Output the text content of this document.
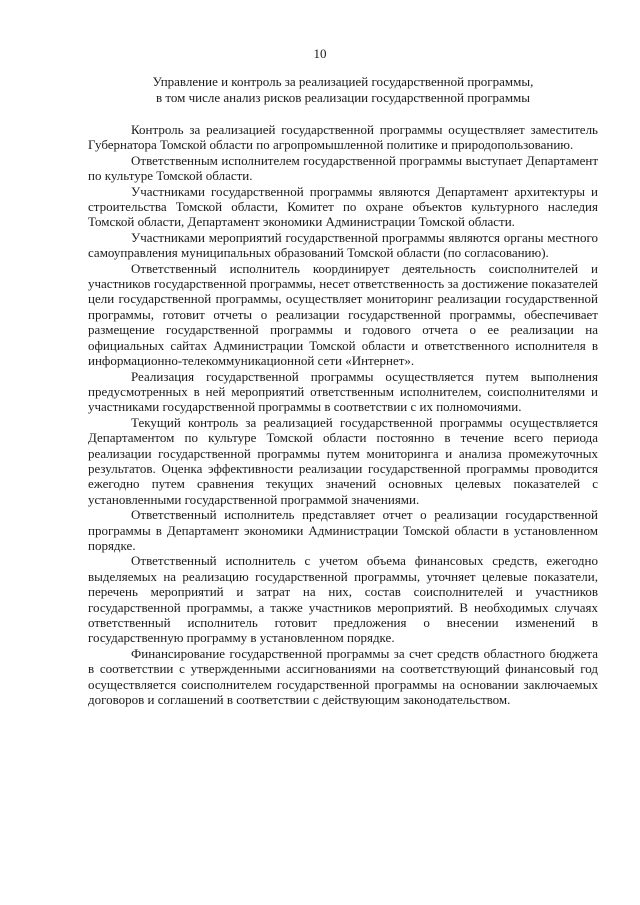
10
Управление и контроль за реализацией государственной программы,
в том числе анализ рисков реализации государственной программы

Контроль за реализацией государственной программы осуществляет заместитель Губернатора Томской области по агропромышленной политике и природопользованию.

Ответственным исполнителем государственной программы выступает Департамент по культуре Томской области.

Участниками государственной программы являются Департамент архитектуры и строительства Томской области, Комитет по охране объектов культурного наследия Томской области, Департамент экономики Администрации Томской области.

Участниками мероприятий государственной программы являются органы местного самоуправления муниципальных образований Томской области (по согласованию).

Ответственный исполнитель координирует деятельность соисполнителей и участников государственной программы, несет ответственность за достижение показателей цели государственной программы, осуществляет мониторинг реализации государственной программы, готовит отчеты о реализации государственной программы, обеспечивает размещение государственной программы и годового отчета о ее реализации на официальных сайтах Администрации Томской области и ответственного исполнителя в информационно-телекоммуникационной сети «Интернет».

Реализация государственной программы осуществляется путем выполнения предусмотренных в ней мероприятий ответственным исполнителем, соисполнителями и участниками государственной программы в соответствии с их полномочиями.

Текущий контроль за реализацией государственной программы осуществляется Департаментом по культуре Томской области постоянно в течение всего периода реализации государственной программы путем мониторинга и анализа промежуточных результатов. Оценка эффективности реализации государственной программы проводится ежегодно путем сравнения текущих значений основных целевых показателей с установленными государственной программой значениями.

Ответственный исполнитель представляет отчет о реализации государственной программы в Департамент экономики Администрации Томской области в установленном порядке.

Ответственный исполнитель с учетом объема финансовых средств, ежегодно выделяемых на реализацию государственной программы, уточняет целевые показатели, перечень мероприятий и затрат на них, состав соисполнителей и участников государственной программы, а также участников мероприятий. В необходимых случаях ответственный исполнитель готовит предложения о внесении изменений в государственную программу в установленном порядке.

Финансирование государственной программы за счет средств областного бюджета в соответствии с утвержденными ассигнованиями на соответствующий финансовый год осуществляется соисполнителем государственной программы на основании заключаемых договоров и соглашений в соответствии с действующим законодательством.
